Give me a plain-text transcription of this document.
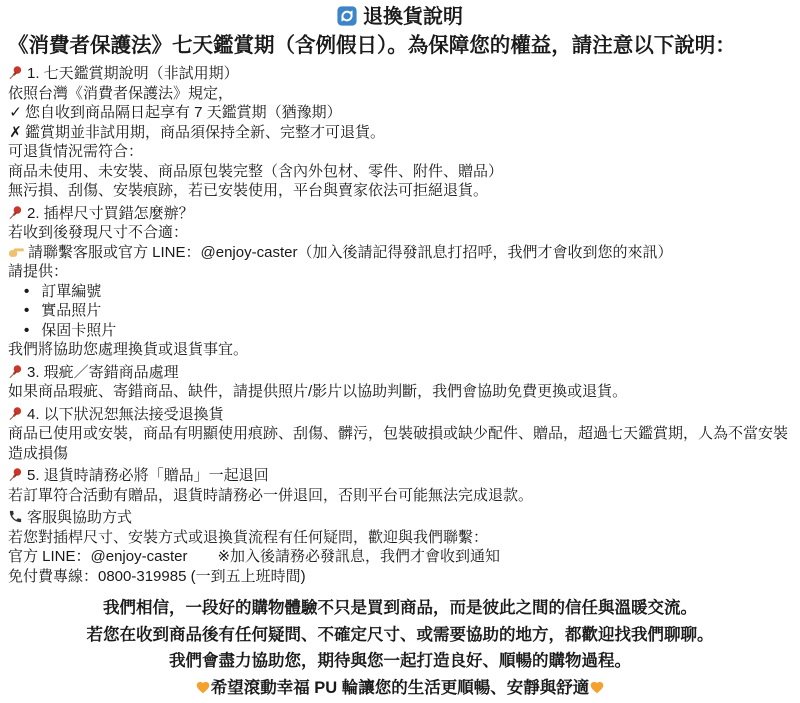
退換貨說明
《消費者保護法》七天鑑賞期（含例假日）。為保障您的權益，請注意以下說明：
1. 七天鑑賞期說明（非試用期）
依照台灣《消費者保護法》規定，
✓ 您自收到商品隔日起享有 7 天鑑賞期（猶豫期）
✗ 鑑賞期並非試用期，商品須保持全新、完整才可退貨。
可退貨情況需符合：
商品未使用、未安裝、商品原包裝完整（含內外包材、零件、附件、贈品）
無污損、刮傷、安裝痕跡，若已安裝使用，平台與賣家依法可拒絕退貨。
2. 插桿尺寸買錯怎麼辦？
若收到後發現尺寸不合適：
請聯繫客服或官方 LINE：@enjoy-caster（加入後請記得發訊息打招呼，我們才會收到您的來訊）
請提供：
• 訂單編號
• 實品照片
• 保固卡照片
我們將協助您處理換貨或退貨事宜。
3. 瑕疵／寄錯商品處理
如果商品瑕疵、寄錯商品、缺件，請提供照片/影片以協助判斷，我們會協助免費更換或退貨。
4. 以下狀況恕無法接受退換貨
商品已使用或安裝，商品有明顯使用痕跡、刮傷、髒污，包裝破損或缺少配件、贈品，超過七天鑑賞期，人為不當安裝造成損傷
5. 退貨時請務必將「贈品」一起退回
若訂單符合活動有贈品，退貨時請務必一併退回，否則平台可能無法完成退款。
客服與協助方式
若您對插桿尺寸、安裝方式或退換貨流程有任何疑問，歡迎與我們聯繫：
官方 LINE：@enjoy-caster　　※加入後請務必發訊息，我們才會收到通知
免付費專線：0800-319985 (一到五上班時間)
我們相信，一段好的購物體驗不只是買到商品，而是彼此之間的信任與溫暖交流。
若您在收到商品後有任何疑問、不確定尺寸、或需要協助的地方，都歡迎找我們聊聊。
我們會盡力協助您，期待與您一起打造良好、順暢的購物過程。
希望滾動幸福 PU 輪讓您的生活更順暢、安靜與舒適
